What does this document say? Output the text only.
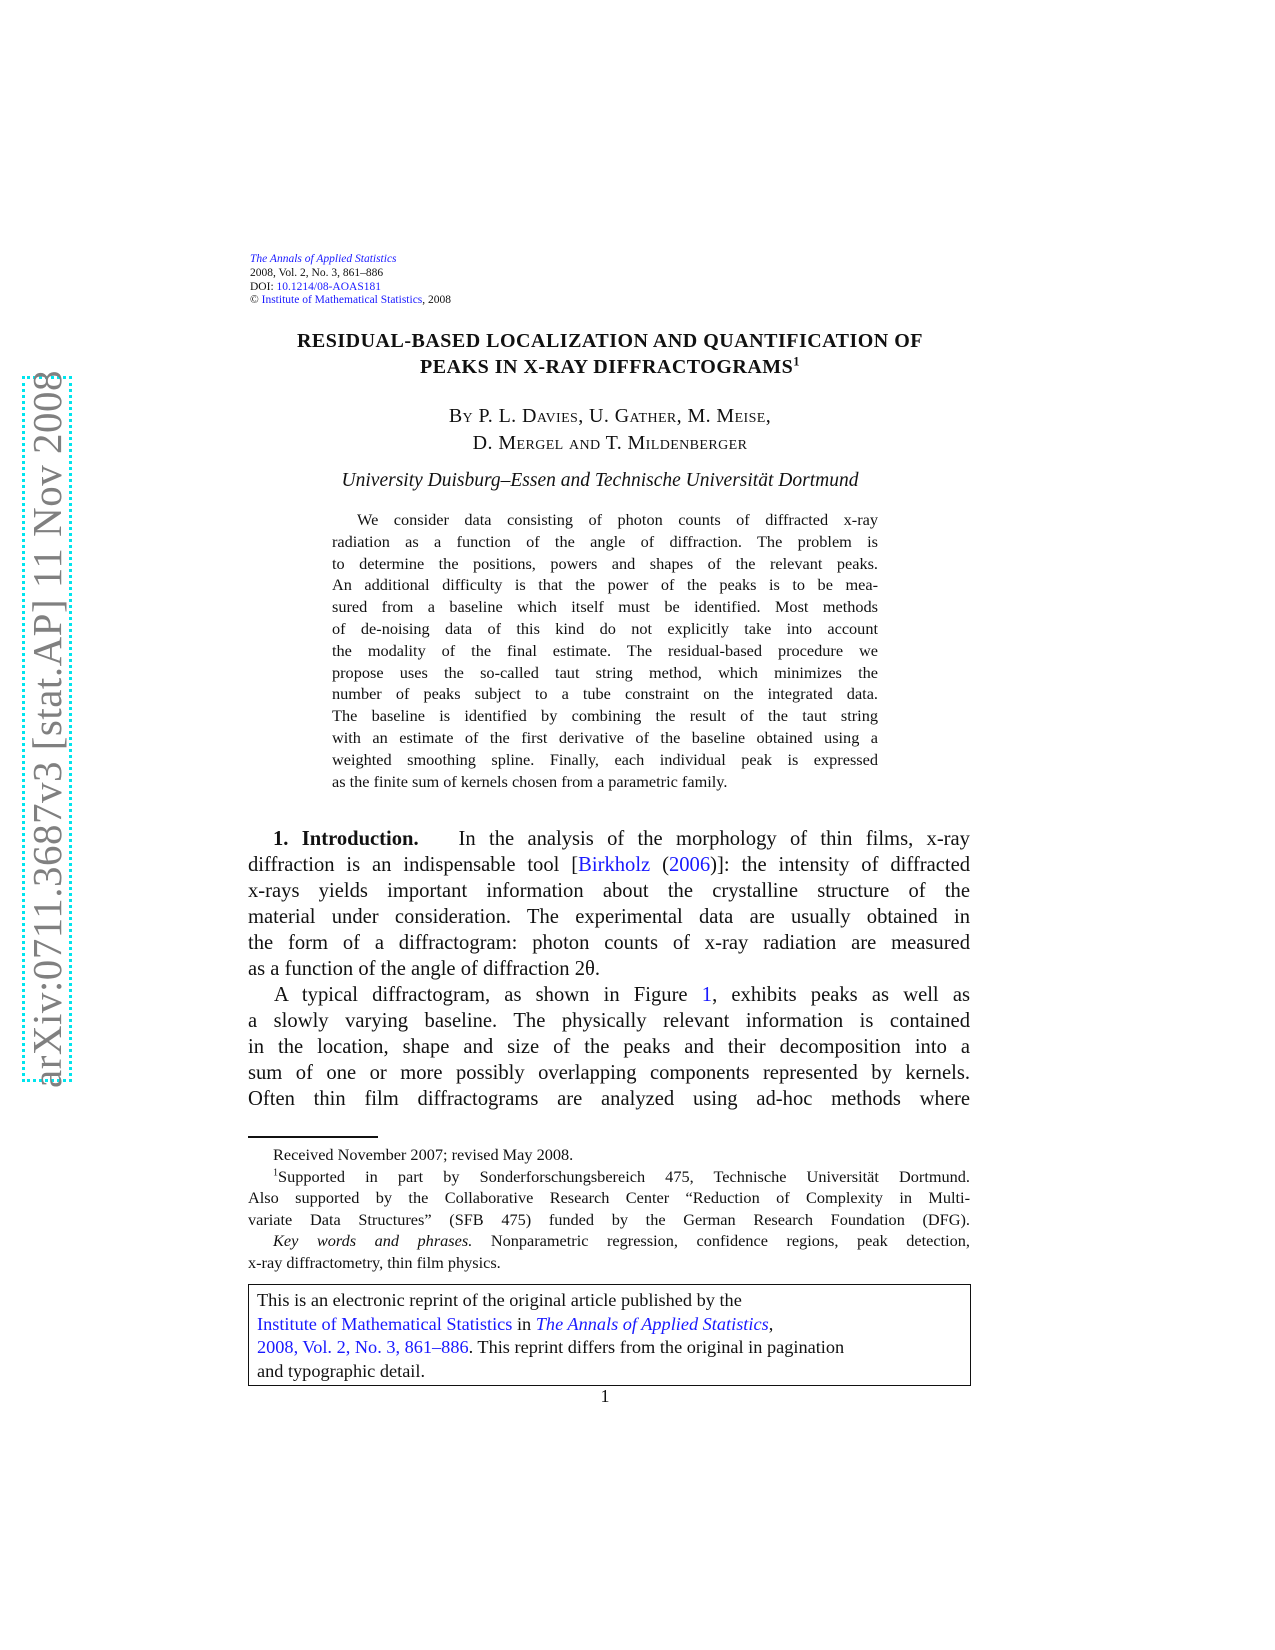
arXiv:0711.3687v3 [stat.AP] 11 Nov 2008
The Annals of Applied Statistics
2008, Vol. 2, No. 3, 861–886
DOI: 10.1214/08-AOAS181
© Institute of Mathematical Statistics, 2008
RESIDUAL-BASED LOCALIZATION AND QUANTIFICATION OF
PEAKS IN X-RAY DIFFRACTOGRAMS$^1$
By P. L. Davies, U. Gather, M. Meise,
D. Mergel and T. Mildenberger
University Duisburg–Essen and Technische Universität Dortmund
We consider data consisting of photon counts of diffracted x-ray
radiation as a function of the angle of diffraction. The problem is
to determine the positions, powers and shapes of the relevant peaks.
An additional difficulty is that the power of the peaks is to be mea-
sured from a baseline which itself must be identified. Most methods
of de-noising data of this kind do not explicitly take into account
the modality of the final estimate. The residual-based procedure we
propose uses the so-called taut string method, which minimizes the
number of peaks subject to a tube constraint on the integrated data.
The baseline is identified by combining the result of the taut string
with an estimate of the first derivative of the baseline obtained using a
weighted smoothing spline. Finally, each individual peak is expressed
as the finite sum of kernels chosen from a parametric family.
1. Introduction. In the analysis of the morphology of thin films, x-ray
diffraction is an indispensable tool [Birkholz (2006)]: the intensity of diffracted
x-rays yields important information about the crystalline structure of the
material under consideration. The experimental data are usually obtained in
the form of a diffractogram: photon counts of x-ray radiation are measured
as a function of the angle of diffraction 2θ.
A typical diffractogram, as shown in Figure 1, exhibits peaks as well as
a slowly varying baseline. The physically relevant information is contained
in the location, shape and size of the peaks and their decomposition into a
sum of one or more possibly overlapping components represented by kernels.
Often thin film diffractograms are analyzed using ad-hoc methods where
Received November 2007; revised May 2008.
$^1$Supported in part by Sonderforschungsbereich 475, Technische Universität Dortmund.
Also supported by the Collaborative Research Center “Reduction of Complexity in Multi-
variate Data Structures” (SFB 475) funded by the German Research Foundation (DFG).
Key words and phrases. Nonparametric regression, confidence regions, peak detection,
x-ray diffractometry, thin film physics.
This is an electronic reprint of the original article published by the
Institute of Mathematical Statistics in The Annals of Applied Statistics,
2008, Vol. 2, No. 3, 861–886. This reprint differs from the original in pagination
and typographic detail.
1
